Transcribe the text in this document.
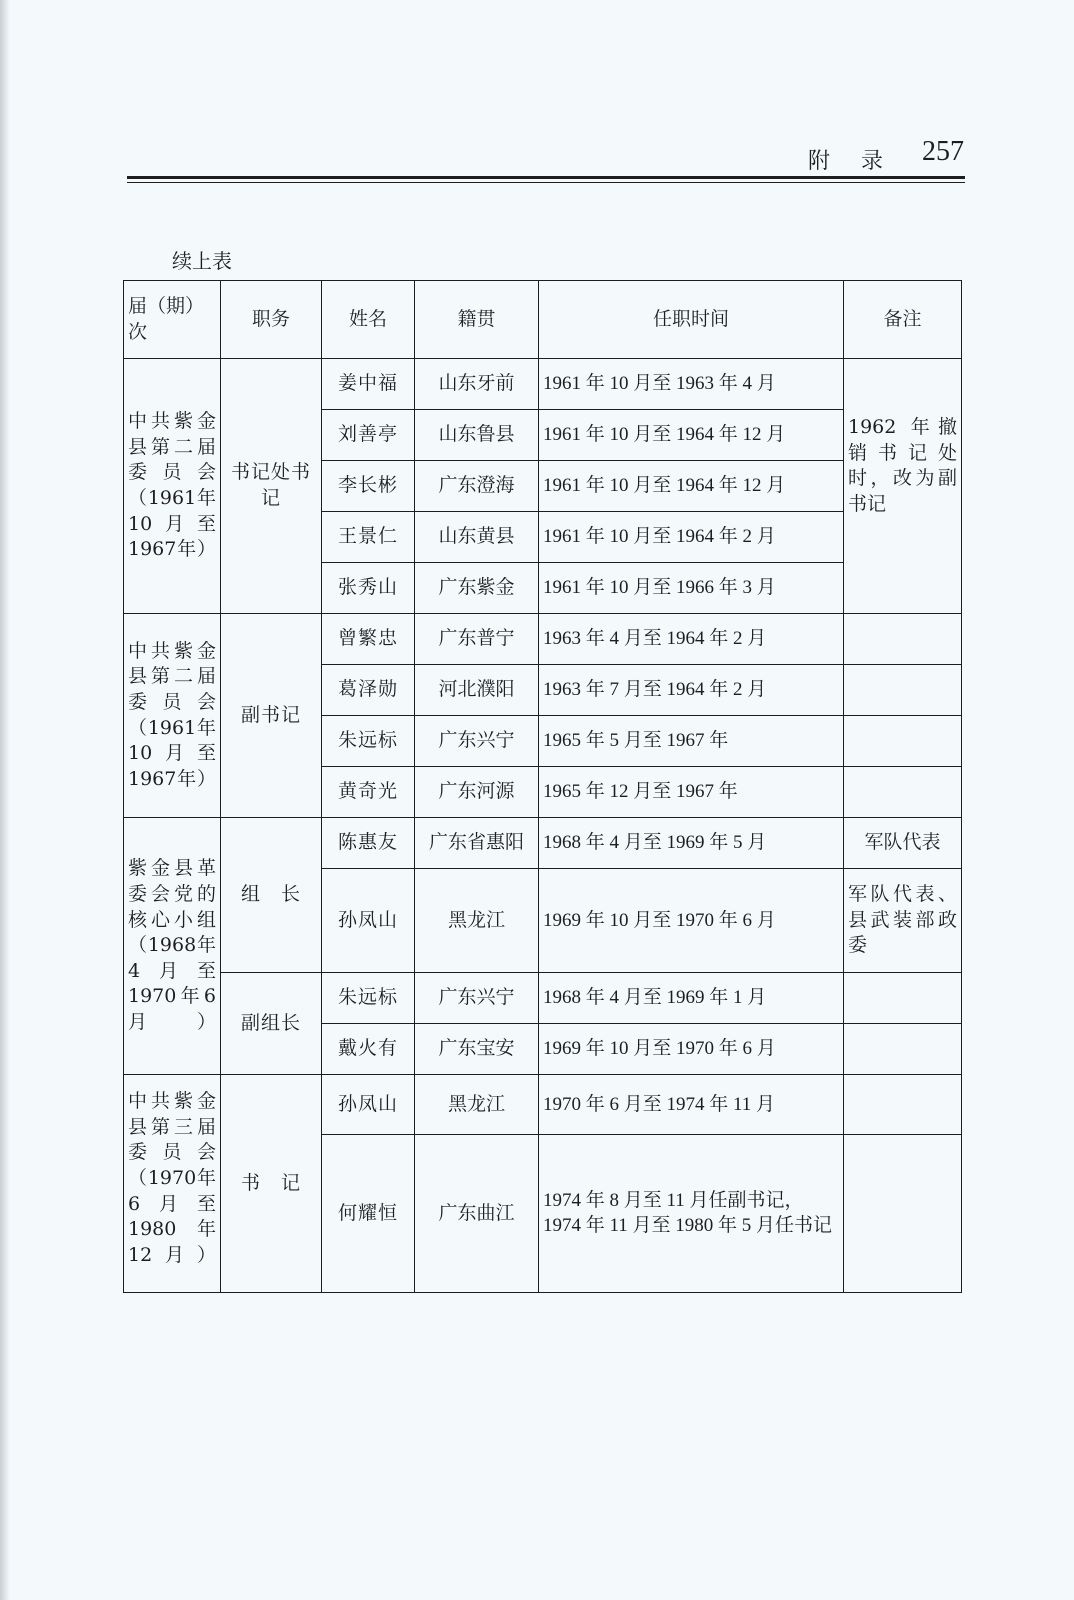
附 录 257
续上表
届（期）次	职务	姓名	籍贯	任职时间	备注
中共紫金县第二届委员会（1961年10月至1967年）	书记处书记	姜中福	山东牙前	1961 年 10 月至 1963 年 4 月	1962 年撤销书记处时，改为副书记
		刘善亭	山东鲁县	1961 年 10 月至 1964 年 12 月	
		李长彬	广东澄海	1961 年 10 月至 1964 年 12 月	
		王景仁	山东黄县	1961 年 10 月至 1964 年 2 月	
		张秀山	广东紫金	1961 年 10 月至 1966 年 3 月	
中共紫金县第二届委员会（1961年10月至1967年）	副书记	曾繁忠	广东普宁	1963 年 4 月至 1964 年 2 月	
		葛泽勋	河北濮阳	1963 年 7 月至 1964 年 2 月	
		朱远标	广东兴宁	1965 年 5 月至 1967 年	
		黄奇光	广东河源	1965 年 12 月至 1967 年	
紫金县革委会党的核心小组（1968年4月至1970年6月）	组　长	陈惠友	广东省惠阳	1968 年 4 月至 1969 年 5 月	军队代表
		孙凤山	黑龙江	1969 年 10 月至 1970 年 6 月	军队代表、县武装部政委
	副组长	朱远标	广东兴宁	1968 年 4 月至 1969 年 1 月	
		戴火有	广东宝安	1969 年 10 月至 1970 年 6 月	
中共紫金县第三届委员会（1970年6月至1980年12月）	书　记	孙凤山	黑龙江	1970 年 6 月至 1974 年 11 月	
		何耀恒	广东曲江	1974 年 8 月至 11 月任副书记，1974 年 11 月至 1980 年 5 月任书记	
